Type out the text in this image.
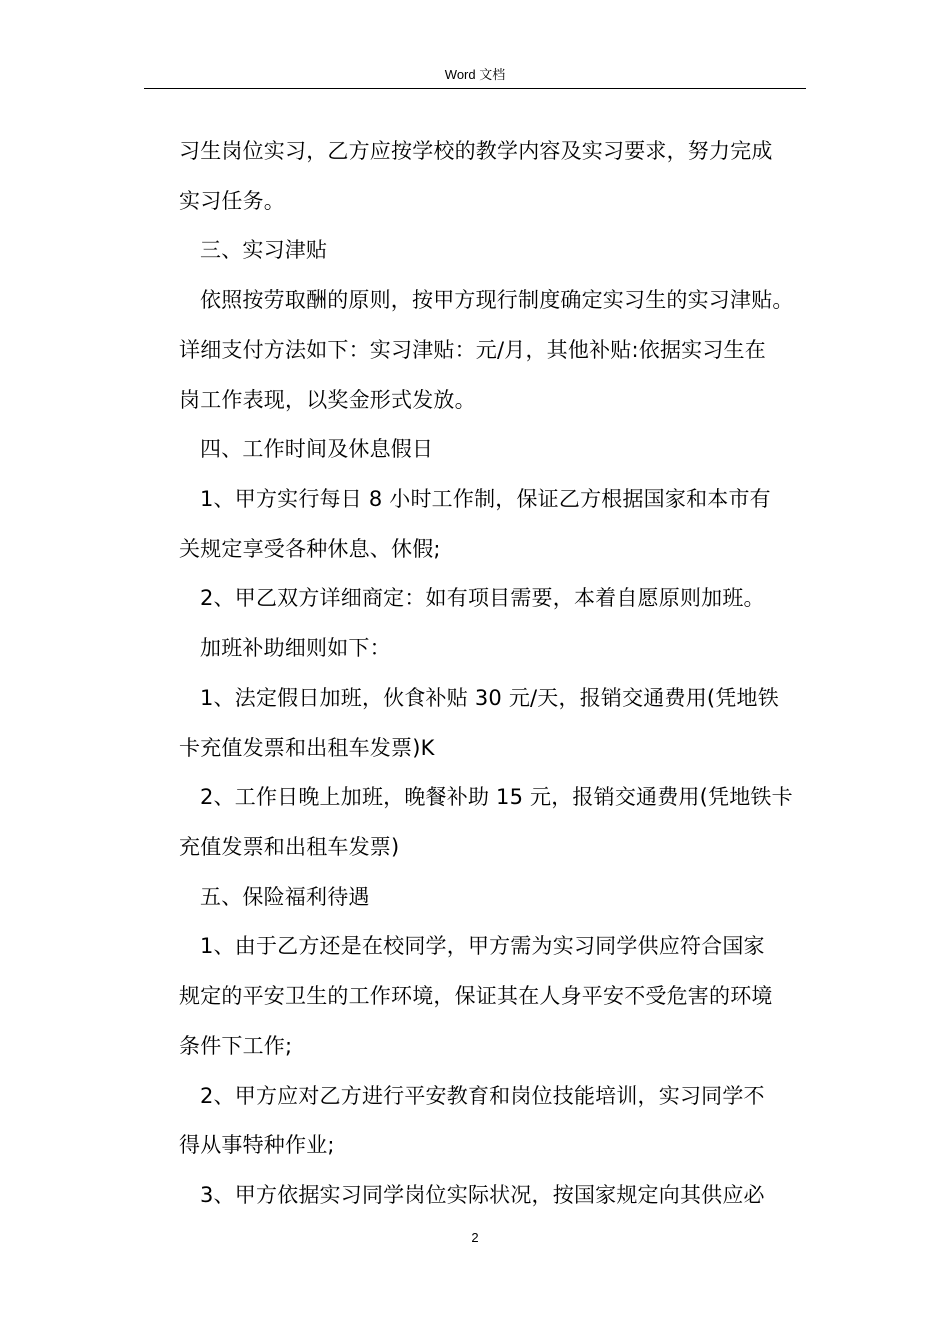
Word 文档
习生岗位实习，乙方应按学校的教学内容及实习要求，努力完成
实习任务。
三、实习津贴
依照按劳取酬的原则，按甲方现行制度确定实习生的实习津贴。
详细支付方法如下：实习津贴：元/月，其他补贴:依据实习生在
岗工作表现，以奖金形式发放。
四、工作时间及休息假日
1、甲方实行每日 8 小时工作制，保证乙方根据国家和本市有
关规定享受各种休息、休假;
2、甲乙双方详细商定：如有项目需要，本着自愿原则加班。
加班补助细则如下：
1、法定假日加班，伙食补贴 30 元/天，报销交通费用(凭地铁
卡充值发票和出租车发票)K
2、工作日晚上加班，晚餐补助 15 元，报销交通费用(凭地铁卡
充值发票和出租车发票)
五、保险福利待遇
1、由于乙方还是在校同学，甲方需为实习同学供应符合国家
规定的平安卫生的工作环境，保证其在人身平安不受危害的环境
条件下工作;
2、甲方应对乙方进行平安教育和岗位技能培训，实习同学不
得从事特种作业;
3、甲方依据实习同学岗位实际状况，按国家规定向其供应必
2
